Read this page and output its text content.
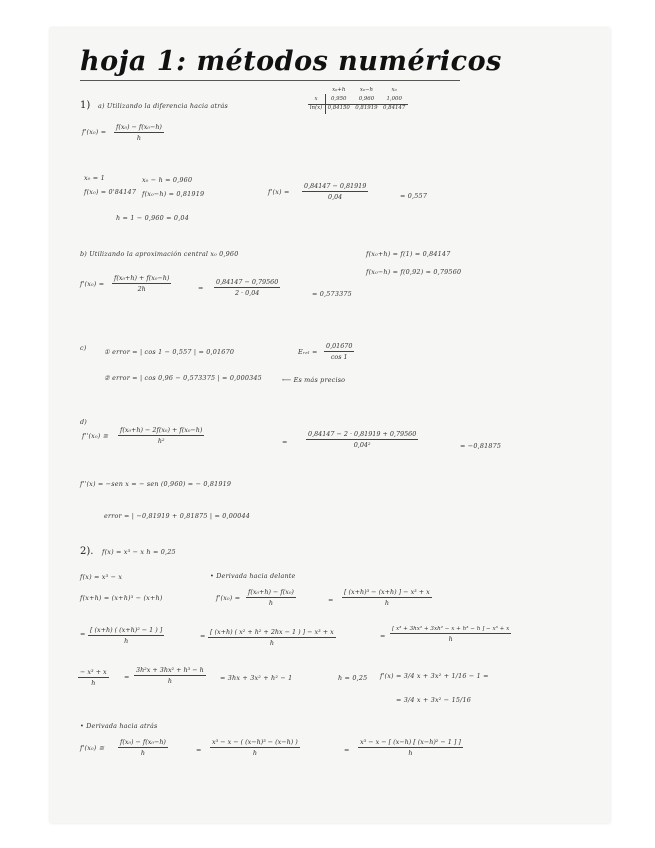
hoja 1: métodos numéricos
x₀+h	x₀−h	x₀
x 0,950 0,960 1,000
ln(x) 0,84150 0,81919 0,84147
1) a) Utilizando la diferencia hacia atrás
$f'(x_0) = \frac{\text{f(x₀) − f(x₀−h)}}{h}$
x₀ = 1
f(x₀) = 0'84147
x₀ − h = 0,960
f(x₀−h) = 0,81919
h = 1 − 0,960 = 0,04
$f'(x) = \frac{0,84147 - 0,81919}{0,04}$	= 0,557
b) Utilizando la aproximación central x₀ 0,960	f(x₀+h) = f(1) = 0,84147
f(x₀−h) = f(0,92) = 0,79560
$f'(x_0) = \frac{\text{f(x₀+h) + f(x₀−h)}}{2h}$	= $\frac{0,84147 - 0,79560}{2 \cdot 0,04}$	= 0,573375
c)	① error = | cos 1 − 0,557 | = 0,01670	Eᵣₑₗ = $\frac{0,01670}{\cos 1}$
② error = | cos 0,96 − 0,573375 | = 0,000345	⟵ Es más preciso
d)
f''(x₀) ≅ $\frac{\text{f(x₀+h) − 2f(x₀) + f(x₀−h)}}{\text{h²}}$	=	$\frac{0,84147 - 2 \cdot 0,81919 + 0,79560}{\text{0,04²}}$	= −0,81875
f''(x) = −sen x = − sen (0,960) = − 0,81919
error = | −0,81919 + 0,81875 | = 0,00044
2). f(x) = x³ − x h = 0,25
f(x) = x³ − x
f(x+h) = (x+h)³ − (x+h)
• Derivada hacia delante
$f'(x_0) = \frac{\text{f(x₀+h) − f(x₀)}}{h}$	= $\frac{\text{[ (x+h)³ − (x+h) ] − x³ + x}}{h}$
= $\frac{\text{[ (x+h) ( (x+h)² − 1 ) ]}}{h}$	= $\frac{\text{[ (x+h) ( x² + h² + 2hx − 1 ) ] − x³ + x}}{h}$	= $\frac{\text{[ x³ + 3hx² + 3xh² − x + h³ − h ] − x³ + x}}{h}$
$\frac{\text{− x³ + x}}{h} = \frac{\text{3h²x + 3hx² + h³ − h}}{h} = 3hx + 3x^2 + h^2 - 1$	h = 0,25 f'(x) = 3/4 x + 3x² + 1/16 − 1 =
= 3/4 x + 3x² − 15/16
• Derivada hacia atrás
f'(x₀) ≅ $\frac{\text{f(x₀) − f(x₀−h)}}{h}$	= $\frac{\text{x³ − x − ( (x−h)³ − (x−h) )}}{h}$	= $\frac{\text{x³ − x − [ (x−h) [ (x−h)² − 1 ] ]}}{h}$
